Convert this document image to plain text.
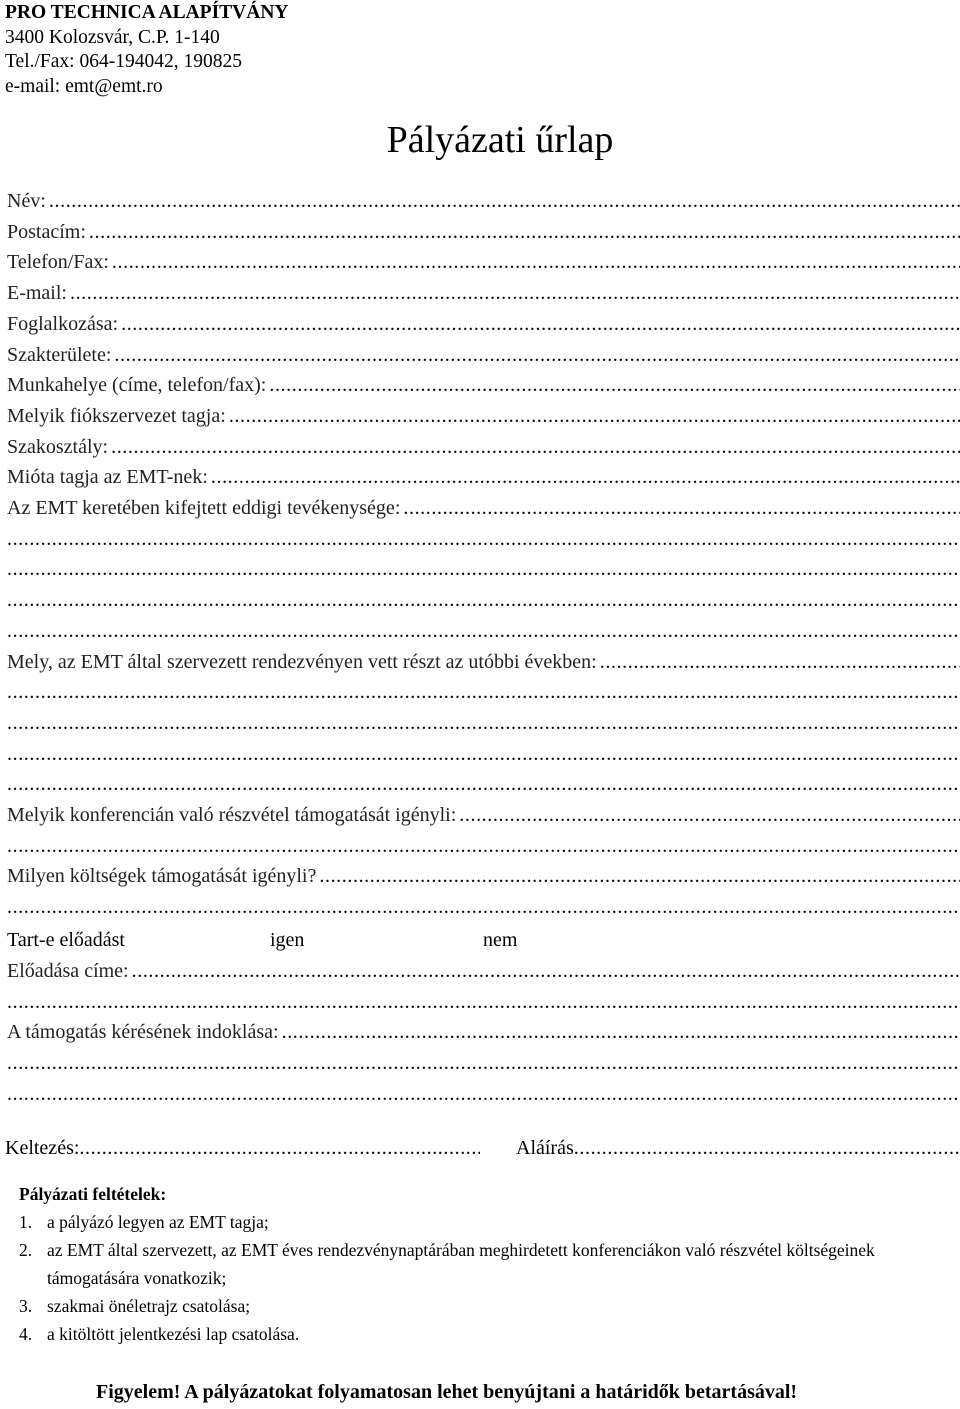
PRO TECHNICA ALAPÍTVÁNY
3400 Kolozsvár, C.P. 1-140
Tel./Fax: 064-194042, 190825
e-mail: emt@emt.ro
Pályázati űrlap
Név:
.....
Postacím:
.....
Telefon/Fax:
.....
E-mail:
.....
Foglalkozása:
.....
Szakterülete:
.....
Munkahelye (címe, telefon/fax):
.....
Melyik fiókszervezet tagja:
.....
Szakosztály:
.....
Mióta tagja az EMT-nek:
.....
Az EMT keretében kifejtett eddigi tevékenysége:
.....
.....
.....
.....
.....
Mely, az EMT által szervezett rendezvényen vett részt az utóbbi években:
.....
.....
.....
.....
.....
Melyik konferencián való részvétel támogatását igényli:
.....
.....
Milyen költségek támogatását igényli?
.....
.....
Tart-e előadást	igen	nem
Előadása címe:
.....
.....
A támogatás kérésének indoklása:
.....
.....
.....
Keltezés:
.....	Aláírás
.....
Pályázati feltételek:
1. a pályázó legyen az EMT tagja;
2. az EMT által szervezett, az EMT éves rendezvénynaptárában meghirdetett konferenciákon való részvétel költségeinek támogatására vonatkozik;
3. szakmai önéletrajz csatolása;
4. a kitöltött jelentkezési lap csatolása.
Figyelem! A pályázatokat folyamatosan lehet benyújtani a határidők betartásával!
